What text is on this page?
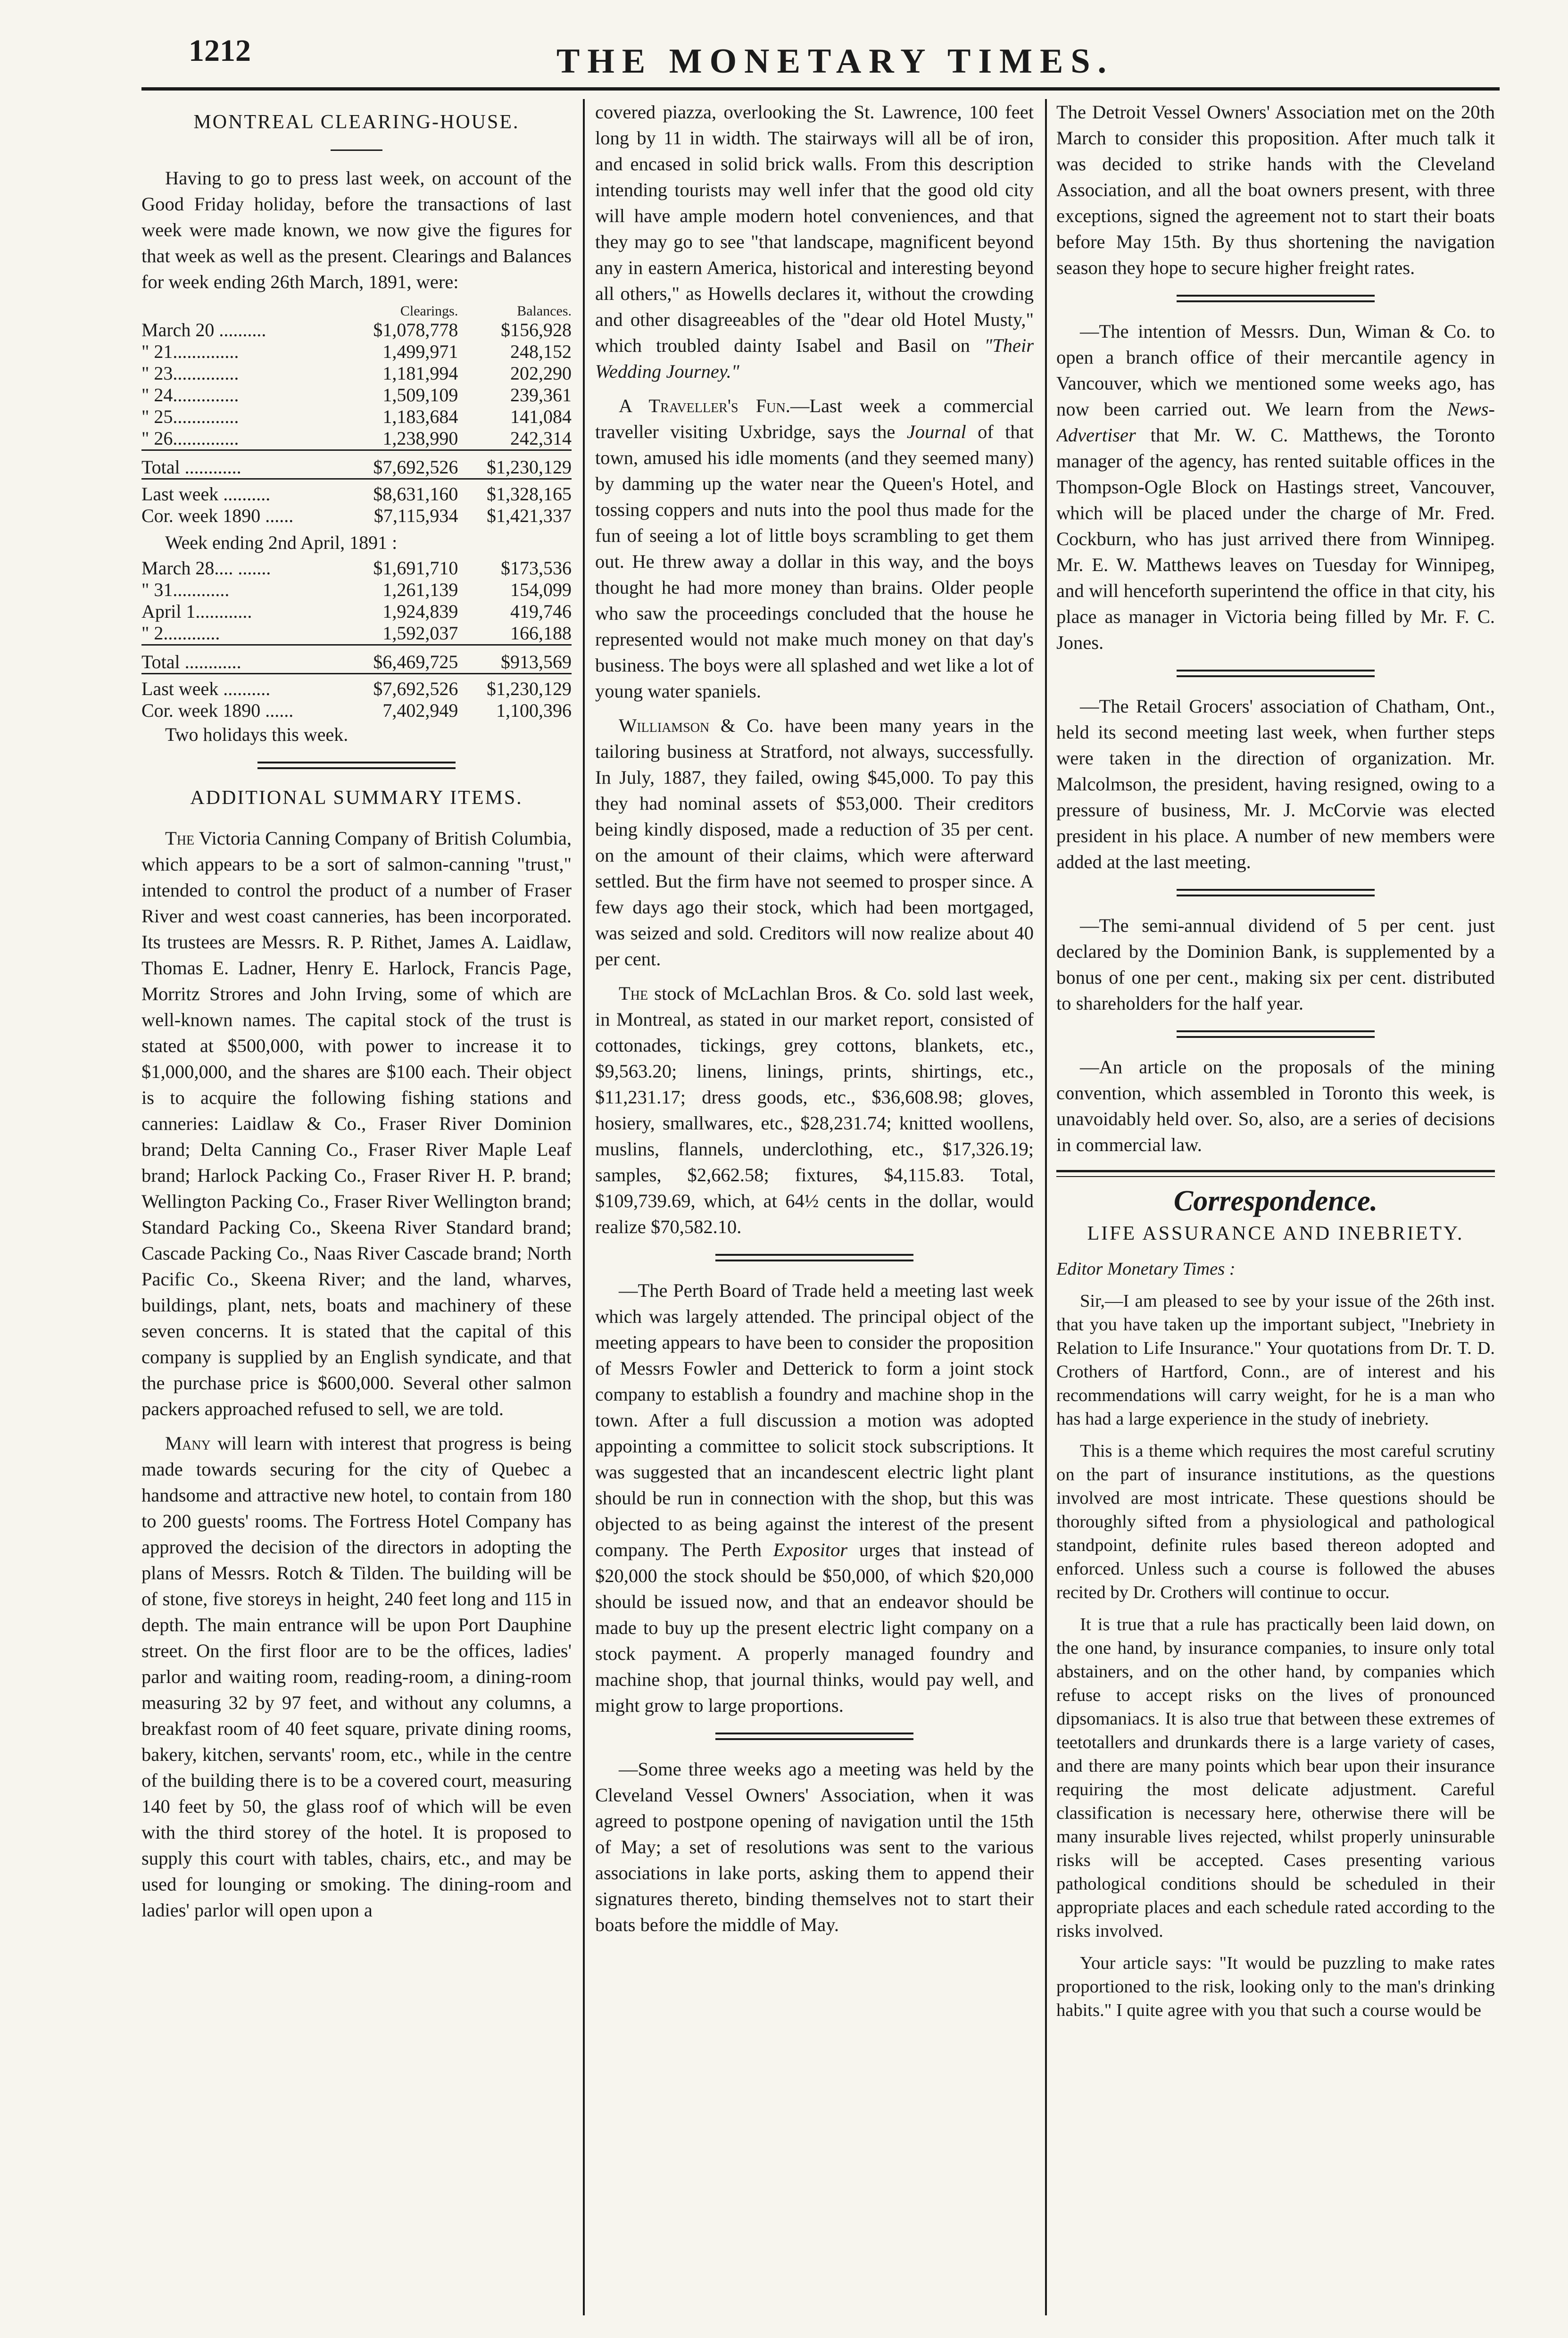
1212	THE MONETARY TIMES.
MONTREAL CLEARING-HOUSE.

Having to go to press last week, on account of the Good Friday holiday, before the transactions of last week were made known, we now give the figures for that week as well as the present. Clearings and Balances for week ending 26th March, 1891, were:

	Clearings.	Balances.
March 20 ..........	$1,078,778	$156,928
" 21..............	1,499,971	248,152
" 23..............	1,181,994	202,290
" 24..............	1,509,109	239,361
" 25..............	1,183,684	141,084
" 26..............	1,238,990	242,314
Total ............	$7,692,526	$1,230,129
Last week ..........	$8,631,160	$1,328,165
Cor. week 1890 ......	$7,115,934	$1,421,337
Week ending 2nd April, 1891 :
March 28.... .......	$1,691,710	$173,536
" 31............	1,261,139	154,099
April 1............	1,924,839	419,746
" 2............	1,592,037	166,188
Total ............	$6,469,725	$913,569
Last week ..........	$7,692,526	$1,230,129
Cor. week 1890 ......	7,402,949	1,100,396
Two holidays this week.
ADDITIONAL SUMMARY ITEMS.

The Victoria Canning Company of British Columbia, which appears to be a sort of salmon-canning "trust," intended to control the product of a number of Fraser River and west coast canneries, has been incorporated. Its trustees are Messrs. R. P. Rithet, James A. Laidlaw, Thomas E. Ladner, Henry E. Harlock, Francis Page, Morritz Strores and John Irving, some of which are well-known names. The capital stock of the trust is stated at $500,000, with power to increase it to $1,000,000, and the shares are $100 each. Their object is to acquire the following fishing stations and canneries: Laidlaw & Co., Fraser River Dominion brand; Delta Canning Co., Fraser River Maple Leaf brand; Harlock Packing Co., Fraser River H. P. brand; Wellington Packing Co., Fraser River Wellington brand; Standard Packing Co., Skeena River Standard brand; Cascade Packing Co., Naas River Cascade brand; North Pacific Co., Skeena River; and the land, wharves, buildings, plant, nets, boats and machinery of these seven concerns. It is stated that the capital of this company is supplied by an English syndicate, and that the purchase price is $600,000. Several other salmon packers approached refused to sell, we are told.

Many will learn with interest that progress is being made towards securing for the city of Quebec a handsome and attractive new hotel, to contain from 180 to 200 guests' rooms. The Fortress Hotel Company has approved the decision of the directors in adopting the plans of Messrs. Rotch & Tilden. The building will be of stone, five storeys in height, 240 feet long and 115 in depth. The main entrance will be upon Port Dauphine street. On the first floor are to be the offices, ladies' parlor and waiting room, reading-room, a dining-room measuring 32 by 97 feet, and without any columns, a breakfast room of 40 feet square, private dining rooms, bakery, kitchen, servants' room, etc., while in the centre of the building there is to be a covered court, measuring 140 feet by 50, the glass roof of which will be even with the third storey of the hotel. It is proposed to supply this court with tables, chairs, etc., and may be used for lounging or smoking. The dining-room and ladies' parlor will open upon a

covered piazza, overlooking the St. Lawrence, 100 feet long by 11 in width. The stairways will all be of iron, and encased in solid brick walls. From this description intending tourists may well infer that the good old city will have ample modern hotel conveniences, and that they may go to see "that landscape, magnificent beyond any in eastern America, historical and interesting beyond all others," as Howells declares it, without the crowding and other disagreeables of the "dear old Hotel Musty," which troubled dainty Isabel and Basil on "Their Wedding Journey."

A Traveller's Fun.—Last week a commercial traveller visiting Uxbridge, says the Journal of that town, amused his idle moments (and they seemed many) by damming up the water near the Queen's Hotel, and tossing coppers and nuts into the pool thus made for the fun of seeing a lot of little boys scrambling to get them out. He threw away a dollar in this way, and the boys thought he had more money than brains. Older people who saw the proceedings concluded that the house he represented would not make much money on that day's business. The boys were all splashed and wet like a lot of young water spaniels.

Williamson & Co. have been many years in the tailoring business at Stratford, not always, successfully. In July, 1887, they failed, owing $45,000. To pay this they had nominal assets of $53,000. Their creditors being kindly disposed, made a reduction of 35 per cent. on the amount of their claims, which were afterward settled. But the firm have not seemed to prosper since. A few days ago their stock, which had been mortgaged, was seized and sold. Creditors will now realize about 40 per cent.

The stock of McLachlan Bros. & Co. sold last week, in Montreal, as stated in our market report, consisted of cottonades, tickings, grey cottons, blankets, etc., $9,563.20; linens, linings, prints, shirtings, etc., $11,231.17; dress goods, etc., $36,608.98; gloves, hosiery, smallwares, etc., $28,231.74; knitted woollens, muslins, flannels, underclothing, etc., $17,326.19; samples, $2,662.58; fixtures, $4,115.83. Total, $109,739.69, which, at 64½ cents in the dollar, would realize $70,582.10.

—The Perth Board of Trade held a meeting last week which was largely attended. The principal object of the meeting appears to have been to consider the proposition of Messrs Fowler and Detterick to form a joint stock company to establish a foundry and machine shop in the town. After a full discussion a motion was adopted appointing a committee to solicit stock subscriptions. It was suggested that an incandescent electric light plant should be run in connection with the shop, but this was objected to as being against the interest of the present company. The Perth Expositor urges that instead of $20,000 the stock should be $50,000, of which $20,000 should be issued now, and that an endeavor should be made to buy up the present electric light company on a stock payment. A properly managed foundry and machine shop, that journal thinks, would pay well, and might grow to large proportions.

—Some three weeks ago a meeting was held by the Cleveland Vessel Owners' Association, when it was agreed to postpone opening of navigation until the 15th of May; a set of resolutions was sent to the various associations in lake ports, asking them to append their signatures thereto, binding themselves not to start their boats before the middle of May.

The Detroit Vessel Owners' Association met on the 20th March to consider this proposition. After much talk it was decided to strike hands with the Cleveland Association, and all the boat owners present, with three exceptions, signed the agreement not to start their boats before May 15th. By thus shortening the navigation season they hope to secure higher freight rates.

—The intention of Messrs. Dun, Wiman & Co. to open a branch office of their mercantile agency in Vancouver, which we mentioned some weeks ago, has now been carried out. We learn from the News-Advertiser that Mr. W. C. Matthews, the Toronto manager of the agency, has rented suitable offices in the Thompson-Ogle Block on Hastings street, Vancouver, which will be placed under the charge of Mr. Fred. Cockburn, who has just arrived there from Winnipeg. Mr. E. W. Matthews leaves on Tuesday for Winnipeg, and will henceforth superintend the office in that city, his place as manager in Victoria being filled by Mr. F. C. Jones.

—The Retail Grocers' association of Chatham, Ont., held its second meeting last week, when further steps were taken in the direction of organization. Mr. Malcolmson, the president, having resigned, owing to a pressure of business, Mr. J. McCorvie was elected president in his place. A number of new members were added at the last meeting.

—The semi-annual dividend of 5 per cent. just declared by the Dominion Bank, is supplemented by a bonus of one per cent., making six per cent. distributed to shareholders for the half year.

—An article on the proposals of the mining convention, which assembled in Toronto this week, is unavoidably held over. So, also, are a series of decisions in commercial law.

Correspondence.
LIFE ASSURANCE AND INEBRIETY.

Editor Monetary Times :

Sir,—I am pleased to see by your issue of the 26th inst. that you have taken up the important subject, "Inebriety in Relation to Life Insurance." Your quotations from Dr. T. D. Crothers of Hartford, Conn., are of interest and his recommendations will carry weight, for he is a man who has had a large experience in the study of inebriety.

This is a theme which requires the most careful scrutiny on the part of insurance institutions, as the questions involved are most intricate. These questions should be thoroughly sifted from a physiological and pathological standpoint, definite rules based thereon adopted and enforced. Unless such a course is followed the abuses recited by Dr. Crothers will continue to occur.

It is true that a rule has practically been laid down, on the one hand, by insurance companies, to insure only total abstainers, and on the other hand, by companies which refuse to accept risks on the lives of pronounced dipsomaniacs. It is also true that between these extremes of teetotallers and drunkards there is a large variety of cases, and there are many points which bear upon their insurance requiring the most delicate adjustment. Careful classification is necessary here, otherwise there will be many insurable lives rejected, whilst properly uninsurable risks will be accepted. Cases presenting various pathological conditions should be scheduled in their appropriate places and each schedule rated according to the risks involved.

Your article says: "It would be puzzling to make rates proportioned to the risk, looking only to the man's drinking habits." I quite agree with you that such a course would be
